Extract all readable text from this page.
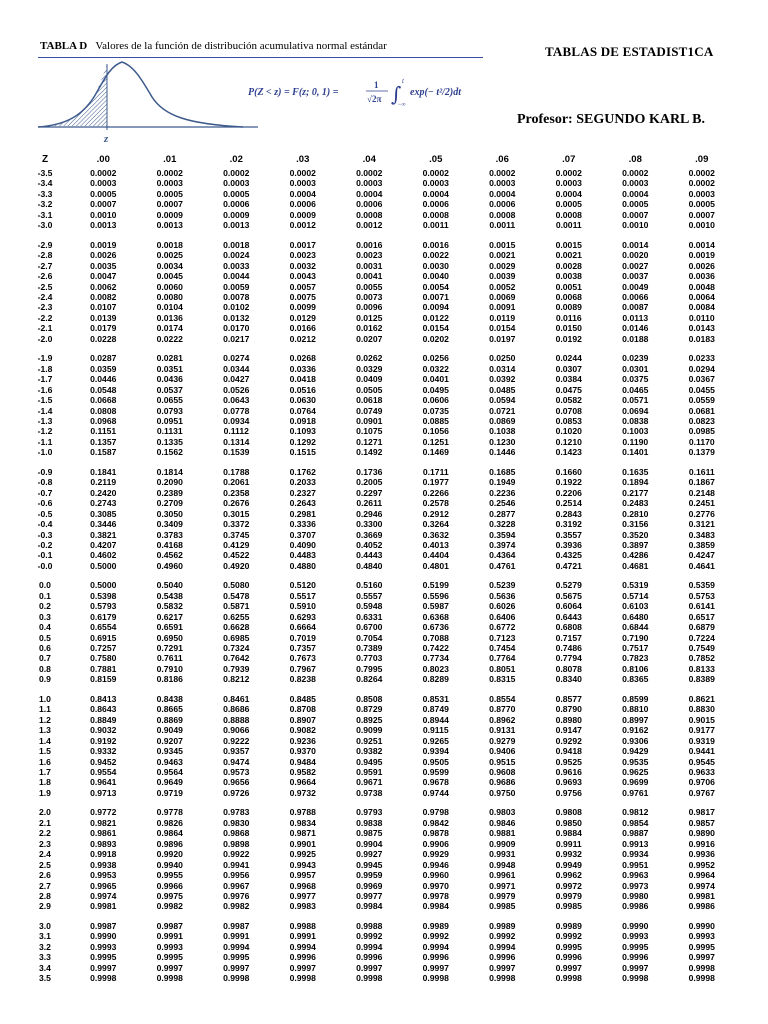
TABLA D Valores de la función de distribución acumulativa normal estándar	TABLAS DE ESTADIST1CA
z
P(Z < z) = F(z; 0, 1) =
1
√2π ∫
t
−∞
exp(− t²/2)dt
Profesor: SEGUNDO KARL B.
Z	.00	.01	.02	.03	.04	.05	.06	.07	.08	.09
-3.5	0.0002	0.0002	0.0002	0.0002	0.0002	0.0002	0.0002	0.0002	0.0002	0.0002
-3.4	0.0003	0.0003	0.0003	0.0003	0.0003	0.0003	0.0003	0.0003	0.0003	0.0002
-3.3	0.0005	0.0005	0.0005	0.0004	0.0004	0.0004	0.0004	0.0004	0.0004	0.0003
-3.2	0.0007	0.0007	0.0006	0.0006	0.0006	0.0006	0.0006	0.0005	0.0005	0.0005
-3.1	0.0010	0.0009	0.0009	0.0009	0.0008	0.0008	0.0008	0.0008	0.0007	0.0007
-3.0	0.0013	0.0013	0.0013	0.0012	0.0012	0.0011	0.0011	0.0011	0.0010	0.0010

-2.9	0.0019	0.0018	0.0018	0.0017	0.0016	0.0016	0.0015	0.0015	0.0014	0.0014
-2.8	0.0026	0.0025	0.0024	0.0023	0.0023	0.0022	0.0021	0.0021	0.0020	0.0019
-2.7	0.0035	0.0034	0.0033	0.0032	0.0031	0.0030	0.0029	0.0028	0.0027	0.0026
-2.6	0.0047	0.0045	0.0044	0.0043	0.0041	0.0040	0.0039	0.0038	0.0037	0.0036
-2.5	0.0062	0.0060	0.0059	0.0057	0.0055	0.0054	0.0052	0.0051	0.0049	0.0048
-2.4	0.0082	0.0080	0.0078	0.0075	0.0073	0.0071	0.0069	0.0068	0.0066	0.0064
-2.3	0.0107	0.0104	0.0102	0.0099	0.0096	0.0094	0.0091	0.0089	0.0087	0.0084
-2.2	0.0139	0.0136	0.0132	0.0129	0.0125	0.0122	0.0119	0.0116	0.0113	0.0110
-2.1	0.0179	0.0174	0.0170	0.0166	0.0162	0.0154	0.0154	0.0150	0.0146	0.0143
-2.0	0.0228	0.0222	0.0217	0.0212	0.0207	0.0202	0.0197	0.0192	0.0188	0.0183

-1.9	0.0287	0.0281	0.0274	0.0268	0.0262	0.0256	0.0250	0.0244	0.0239	0.0233
-1.8	0.0359	0.0351	0.0344	0.0336	0.0329	0.0322	0.0314	0.0307	0.0301	0.0294
-1.7	0.0446	0.0436	0.0427	0.0418	0.0409	0.0401	0.0392	0.0384	0.0375	0.0367
-1.6	0.0548	0.0537	0.0526	0.0516	0.0505	0.0495	0.0485	0.0475	0.0465	0.0455
-1.5	0.0668	0.0655	0.0643	0.0630	0.0618	0.0606	0.0594	0.0582	0.0571	0.0559
-1.4	0.0808	0.0793	0.0778	0.0764	0.0749	0.0735	0.0721	0.0708	0.0694	0.0681
-1.3	0.0968	0.0951	0.0934	0.0918	0.0901	0.0885	0.0869	0.0853	0.0838	0.0823
-1.2	0.1151	0.1131	0.1112	0.1093	0.1075	0.1056	0.1038	0.1020	0.1003	0.0985
-1.1	0.1357	0.1335	0.1314	0.1292	0.1271	0.1251	0.1230	0.1210	0.1190	0.1170
-1.0	0.1587	0.1562	0.1539	0.1515	0.1492	0.1469	0.1446	0.1423	0.1401	0.1379

-0.9	0.1841	0.1814	0.1788	0.1762	0.1736	0.1711	0.1685	0.1660	0.1635	0.1611
-0.8	0.2119	0.2090	0.2061	0.2033	0.2005	0.1977	0.1949	0.1922	0.1894	0.1867
-0.7	0.2420	0.2389	0.2358	0.2327	0.2297	0.2266	0.2236	0.2206	0.2177	0.2148
-0.6	0.2743	0.2709	0.2676	0.2643	0.2611	0.2578	0.2546	0.2514	0.2483	0.2451
-0.5	0.3085	0.3050	0.3015	0.2981	0.2946	0.2912	0.2877	0.2843	0.2810	0.2776
-0.4	0.3446	0.3409	0.3372	0.3336	0.3300	0.3264	0.3228	0.3192	0.3156	0.3121
-0.3	0.3821	0.3783	0.3745	0.3707	0.3669	0.3632	0.3594	0.3557	0.3520	0.3483
-0.2	0.4207	0.4168	0.4129	0.4090	0.4052	0.4013	0.3974	0.3936	0.3897	0.3859
-0.1	0.4602	0.4562	0.4522	0.4483	0.4443	0.4404	0.4364	0.4325	0.4286	0.4247
-0.0	0.5000	0.4960	0.4920	0.4880	0.4840	0.4801	0.4761	0.4721	0.4681	0.4641

0.0	0.5000	0.5040	0.5080	0.5120	0.5160	0.5199	0.5239	0.5279	0.5319	0.5359
0.1	0.5398	0.5438	0.5478	0.5517	0.5557	0.5596	0.5636	0.5675	0.5714	0.5753
0.2	0.5793	0.5832	0.5871	0.5910	0.5948	0.5987	0.6026	0.6064	0.6103	0.6141
0.3	0.6179	0.6217	0.6255	0.6293	0.6331	0.6368	0.6406	0.6443	0.6480	0.6517
0.4	0.6554	0.6591	0.6628	0.6664	0.6700	0.6736	0.6772	0.6808	0.6844	0.6879
0.5	0.6915	0.6950	0.6985	0.7019	0.7054	0.7088	0.7123	0.7157	0.7190	0.7224
0.6	0.7257	0.7291	0.7324	0.7357	0.7389	0.7422	0.7454	0.7486	0.7517	0.7549
0.7	0.7580	0.7611	0.7642	0.7673	0.7703	0.7734	0.7764	0.7794	0.7823	0.7852
0.8	0.7881	0.7910	0.7939	0.7967	0.7995	0.8023	0.8051	0.8078	0.8106	0.8133
0.9	0.8159	0.8186	0.8212	0.8238	0.8264	0.8289	0.8315	0.8340	0.8365	0.8389

1.0	0.8413	0.8438	0.8461	0.8485	0.8508	0.8531	0.8554	0.8577	0.8599	0.8621
1.1	0.8643	0.8665	0.8686	0.8708	0.8729	0.8749	0.8770	0.8790	0.8810	0.8830
1.2	0.8849	0.8869	0.8888	0.8907	0.8925	0.8944	0.8962	0.8980	0.8997	0.9015
1.3	0.9032	0.9049	0.9066	0.9082	0.9099	0.9115	0.9131	0.9147	0.9162	0.9177
1.4	0.9192	0.9207	0.9222	0.9236	0.9251	0.9265	0.9279	0.9292	0.9306	0.9319
1.5	0.9332	0.9345	0.9357	0.9370	0.9382	0.9394	0.9406	0.9418	0.9429	0.9441
1.6	0.9452	0.9463	0.9474	0.9484	0.9495	0.9505	0.9515	0.9525	0.9535	0.9545
1.7	0.9554	0.9564	0.9573	0.9582	0.9591	0.9599	0.9608	0.9616	0.9625	0.9633
1.8	0.9641	0.9649	0.9656	0.9664	0.9671	0.9678	0.9686	0.9693	0.9699	0.9706
1.9	0.9713	0.9719	0.9726	0.9732	0.9738	0.9744	0.9750	0.9756	0.9761	0.9767

2.0	0.9772	0.9778	0.9783	0.9788	0.9793	0.9798	0.9803	0.9808	0.9812	0.9817
2.1	0.9821	0.9826	0.9830	0.9834	0.9838	0.9842	0.9846	0.9850	0.9854	0.9857
2.2	0.9861	0.9864	0.9868	0.9871	0.9875	0.9878	0.9881	0.9884	0.9887	0.9890
2.3	0.9893	0.9896	0.9898	0.9901	0.9904	0.9906	0.9909	0.9911	0.9913	0.9916
2.4	0.9918	0.9920	0.9922	0.9925	0.9927	0.9929	0.9931	0.9932	0.9934	0.9936
2.5	0.9938	0.9940	0.9941	0.9943	0.9945	0.9946	0.9948	0.9949	0.9951	0.9952
2.6	0.9953	0.9955	0.9956	0.9957	0.9959	0.9960	0.9961	0.9962	0.9963	0.9964
2.7	0.9965	0.9966	0.9967	0.9968	0.9969	0.9970	0.9971	0.9972	0.9973	0.9974
2.8	0.9974	0.9975	0.9976	0.9977	0.9977	0.9978	0.9979	0.9979	0.9980	0.9981
2.9	0.9981	0.9982	0.9982	0.9983	0.9984	0.9984	0.9985	0.9985	0.9986	0.9986

3.0	0.9987	0.9987	0.9987	0.9988	0.9988	0.9989	0.9989	0.9989	0.9990	0.9990
3.1	0.9990	0.9991	0.9991	0.9991	0.9992	0.9992	0.9992	0.9992	0.9993	0.9993
3.2	0.9993	0.9993	0.9994	0.9994	0.9994	0.9994	0.9994	0.9995	0.9995	0.9995
3.3	0.9995	0.9995	0.9995	0.9996	0.9996	0.9996	0.9996	0.9996	0.9996	0.9997
3.4	0.9997	0.9997	0.9997	0.9997	0.9997	0.9997	0.9997	0.9997	0.9997	0.9998
3.5	0.9998	0.9998	0.9998	0.9998	0.9998	0.9998	0.9998	0.9998	0.9998	0.9998
